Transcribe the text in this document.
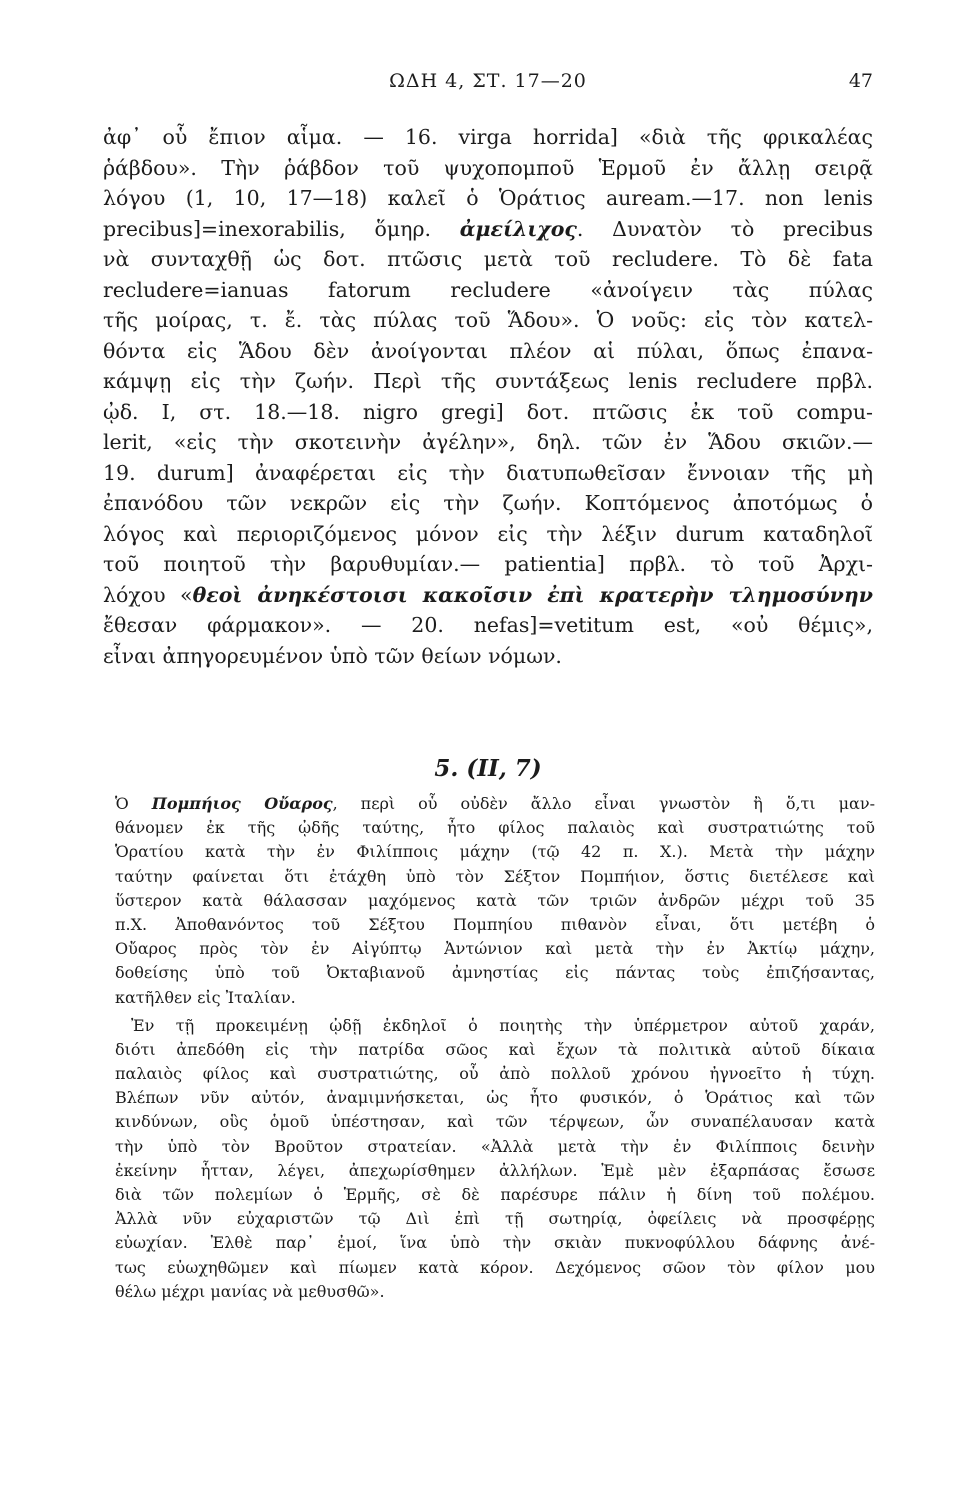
ΩΔΗ 4, ΣΤ. 17—20	47
ἀφ᾽ οὗ ἔπιον αἷμα. — 16. virga horrida] «διὰ τῆς φρικαλέας
ῥάβδου». Τὴν ῥάβδον τοῦ ψυχοπομποῦ Ἑρμοῦ ἐν ἄλλῃ σειρᾷ
λόγου (1, 10, 17—18) καλεῖ ὁ Ὁράτιος auream.—17. non lenis
precibus]=inexorabilis, ὅμηρ. ἀμείλιχος. Δυνατὸν τὸ precibus
νὰ συνταχθῇ ὡς δοτ. πτῶσις μετὰ τοῦ recludere. Τὸ δὲ fata
recludere=ianuas fatorum recludere «ἀνοίγειν τὰς πύλας
τῆς μοίρας, τ. ἔ. τὰς πύλας τοῦ Ἅδου». Ὁ νοῦς: εἰς τὸν κατελ-
θόντα εἰς Ἅδου δὲν ἀνοίγονται πλέον αἱ πύλαι, ὅπως ἐπανα-
κάμψῃ εἰς τὴν ζωήν. Περὶ τῆς συντάξεως lenis recludere πρβλ.
ᾠδ. I, στ. 18.—18. nigro gregi] δοτ. πτῶσις ἐκ τοῦ compu-
lerit, «εἰς τὴν σκοτεινὴν ἀγέλην», δηλ. τῶν ἐν Ἅδου σκιῶν.—
19. durum] ἀναφέρεται εἰς τὴν διατυπωθεῖσαν ἔννοιαν τῆς μὴ
ἐπανόδου τῶν νεκρῶν εἰς τὴν ζωήν. Κοπτόμενος ἀποτόμως ὁ
λόγος καὶ περιοριζόμενος μόνον εἰς τὴν λέξιν durum καταδηλοῖ
τοῦ ποιητοῦ τὴν βαρυθυμίαν.— patientia] πρβλ. τὸ τοῦ Ἀρχι-
λόχου «θεοὶ ἀνηκέστοισι κακοῖσιν ἐπὶ κρατερὴν τλημοσύνην
ἔθεσαν φάρμακον». — 20. nefas]=vetitum est, «οὐ θέμις»,
εἶναι ἀπηγορευμένον ὑπὸ τῶν θείων νόμων.
5. (II, 7)
Ὁ Πομπήιος Οὔαρος, περὶ οὗ οὐδὲν ἄλλο εἶναι γνωστὸν ἢ ὅ,τι μαν-
θάνομεν ἐκ τῆς ᾠδῆς ταύτης, ἦτο φίλος παλαιὸς καὶ συστρατιώτης τοῦ
Ὁρατίου κατὰ τὴν ἐν Φιλίπποις μάχην (τῷ 42 π. Χ.). Μετὰ τὴν μάχην
ταύτην φαίνεται ὅτι ἐτάχθη ὑπὸ τὸν Σέξτον Πομπήιον, ὅστις διετέλεσε καὶ
ὕστερον κατὰ θάλασσαν μαχόμενος κατὰ τῶν τριῶν ἀνδρῶν μέχρι τοῦ 35
π.Χ. Ἀποθανόντος τοῦ Σέξτου Πομπηίου πιθανὸν εἶναι, ὅτι μετέβη ὁ
Οὔαρος πρὸς τὸν ἐν Αἰγύπτῳ Ἀντώνιον καὶ μετὰ τὴν ἐν Ἀκτίῳ μάχην,
δοθείσης ὑπὸ τοῦ Ὀκταβιανοῦ ἀμνηστίας εἰς πάντας τοὺς ἐπιζήσαντας,
κατῆλθεν εἰς Ἰταλίαν.
Ἐν τῇ προκειμένῃ ᾠδῇ ἐκδηλοῖ ὁ ποιητὴς τὴν ὑπέρμετρον αὐτοῦ χαράν,
διότι ἀπεδόθη εἰς τὴν πατρίδα σῶος καὶ ἔχων τὰ πολιτικὰ αὐτοῦ δίκαια
παλαιὸς φίλος καὶ συστρατιώτης, οὗ ἀπὸ πολλοῦ χρόνου ἠγνοεῖτο ἡ τύχη.
Βλέπων νῦν αὐτόν, ἀναμιμνήσκεται, ὡς ἦτο φυσικόν, ὁ Ὁράτιος καὶ τῶν
κινδύνων, οὓς ὁμοῦ ὑπέστησαν, καὶ τῶν τέρψεων, ὧν συναπέλαυσαν κατὰ
τὴν ὑπὸ τὸν Βροῦτον στρατείαν. «Ἀλλὰ μετὰ τὴν ἐν Φιλίπποις δεινὴν
ἐκείνην ἧτταν, λέγει, ἀπεχωρίσθημεν ἀλλήλων. Ἐμὲ μὲν ἐξαρπάσας ἔσωσε
διὰ τῶν πολεμίων ὁ Ἑρμῆς, σὲ δὲ παρέσυρε πάλιν ἡ δίνη τοῦ πολέμου.
Ἀλλὰ νῦν εὐχαριστῶν τῷ Διὶ ἐπὶ τῇ σωτηρίᾳ, ὀφείλεις νὰ προσφέρῃς
εὐωχίαν. Ἐλθὲ παρ᾽ ἐμοί, ἵνα ὑπὸ τὴν σκιὰν πυκνοφύλλου δάφνης ἀνέ-
τως εὐωχηθῶμεν καὶ πίωμεν κατὰ κόρον. Δεχόμενος σῶον τὸν φίλον μου
θέλω μέχρι μανίας νὰ μεθυσθῶ».
